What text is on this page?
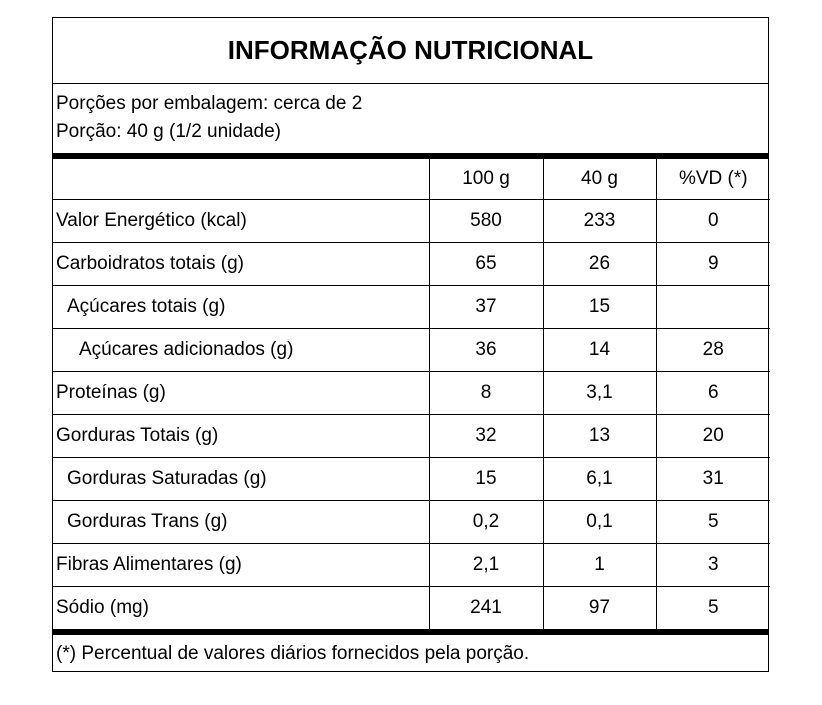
INFORMAÇÃO NUTRICIONAL
Porções por embalagem: cerca de 2
Porção: 40 g (1/2 unidade)
	100 g	40 g	%VD (*)
Valor Energético (kcal)	580	233	0
Carboidratos totais (g)	65	26	9
Açúcares totais (g)	37	15	
Açúcares adicionados (g)	36	14	28
Proteínas (g)	8	3,1	6
Gorduras Totais (g)	32	13	20
Gorduras Saturadas (g)	15	6,1	31
Gorduras Trans (g)	0,2	0,1	5
Fibras Alimentares (g)	2,1	1	3
Sódio (mg)	241	97	5
(*) Percentual de valores diários fornecidos pela porção.
